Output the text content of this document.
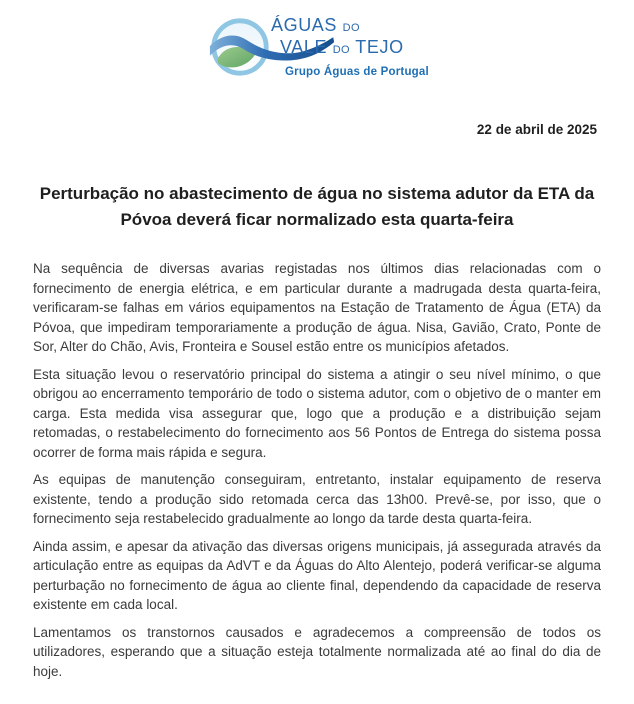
ÁGUAS DO
VALE DO TEJO
Grupo Águas de Portugal
22 de abril de 2025
Perturbação no abastecimento de água no sistema adutor da ETA da Póvoa deverá ficar normalizado esta quarta-feira

Na sequência de diversas avarias registadas nos últimos dias relacionadas com o fornecimento de energia elétrica, e em particular durante a madrugada desta quarta-feira, verificaram-se falhas em vários equipamentos na Estação de Tratamento de Água (ETA) da Póvoa, que impediram temporariamente a produção de água. Nisa, Gavião, Crato, Ponte de Sor, Alter do Chão, Avis, Fronteira e Sousel estão entre os municípios afetados.

Esta situação levou o reservatório principal do sistema a atingir o seu nível mínimo, o que obrigou ao encerramento temporário de todo o sistema adutor, com o objetivo de o manter em carga. Esta medida visa assegurar que, logo que a produção e a distribuição sejam retomadas, o restabelecimento do fornecimento aos 56 Pontos de Entrega do sistema possa ocorrer de forma mais rápida e segura.

As equipas de manutenção conseguiram, entretanto, instalar equipamento de reserva existente, tendo a produção sido retomada cerca das 13h00. Prevê-se, por isso, que o fornecimento seja restabelecido gradualmente ao longo da tarde desta quarta-feira.

Ainda assim, e apesar da ativação das diversas origens municipais, já assegurada através da articulação entre as equipas da AdVT e da Águas do Alto Alentejo, poderá verificar-se alguma perturbação no fornecimento de água ao cliente final, dependendo da capacidade de reserva existente em cada local.

Lamentamos os transtornos causados e agradecemos a compreensão de todos os utilizadores, esperando que a situação esteja totalmente normalizada até ao final do dia de hoje.
